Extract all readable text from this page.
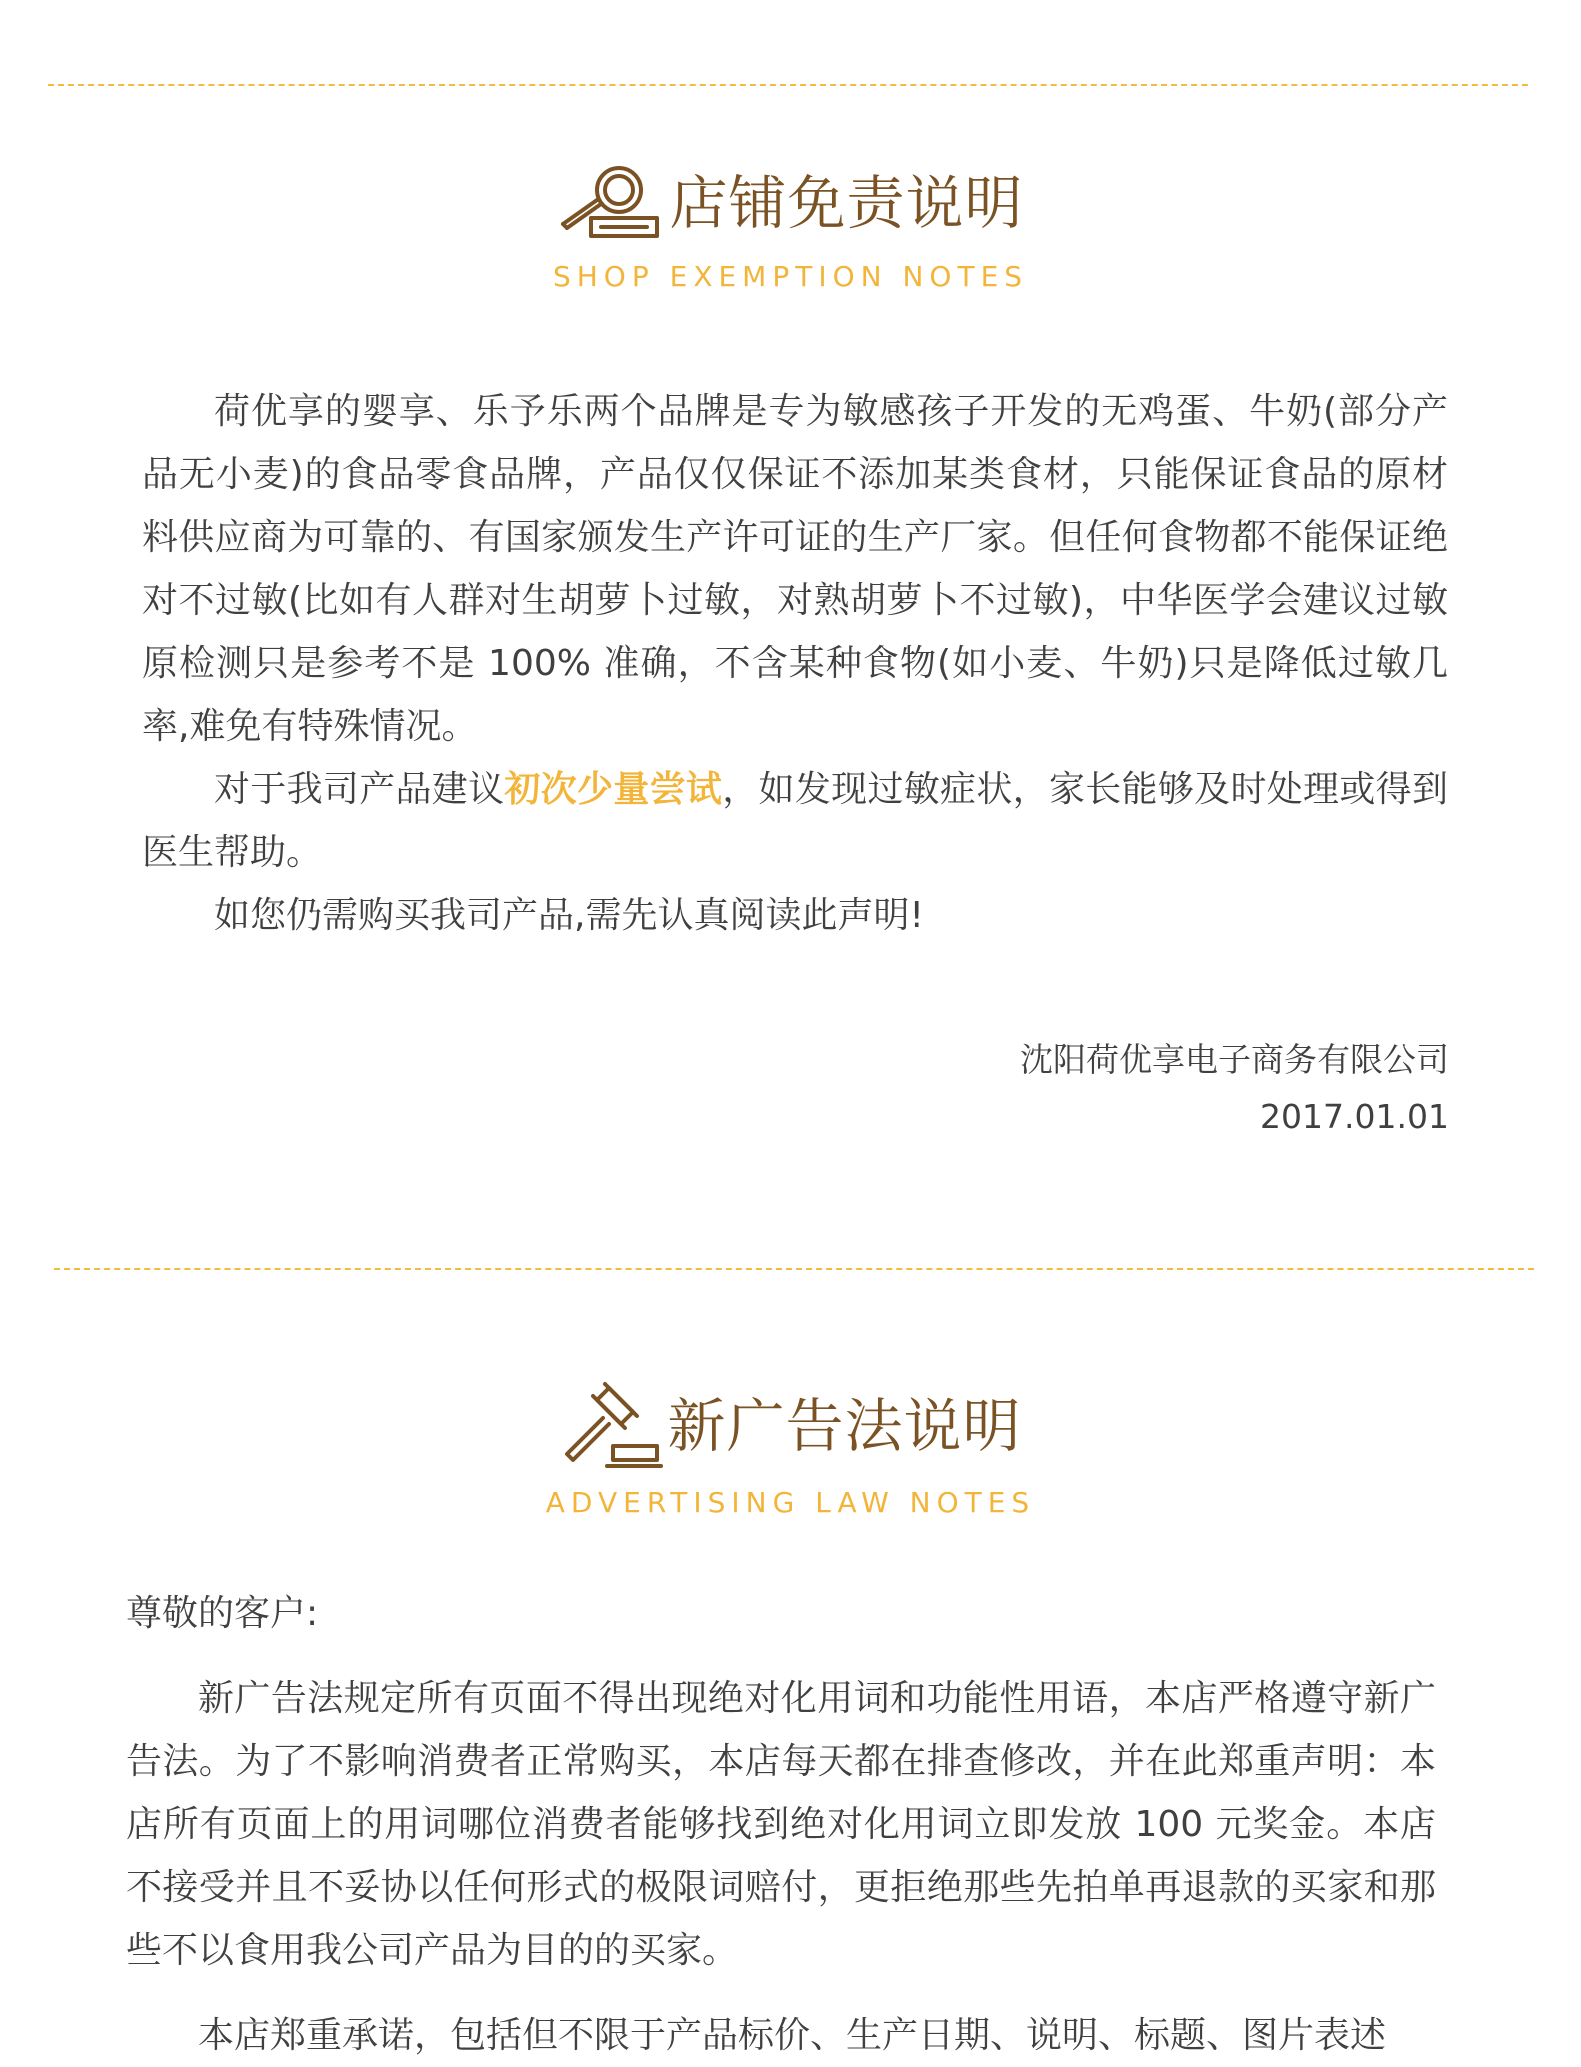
店铺免责说明
SHOP EXEMPTION NOTES

荷优享的婴享、乐予乐两个品牌是专为敏感孩子开发的无鸡蛋、牛奶(部分产品无小麦)的食品零食品牌，产品仅仅保证不添加某类食材，只能保证食品的原材料供应商为可靠的、有国家颁发生产许可证的生产厂家。但任何食物都不能保证绝对不过敏(比如有人群对生胡萝卜过敏，对熟胡萝卜不过敏)，中华医学会建议过敏原检测只是参考不是 100% 准确，不含某种食物(如小麦、牛奶)只是降低过敏几率,难免有特殊情况。

对于我司产品建议初次少量尝试，如发现过敏症状，家长能够及时处理或得到医生帮助。

如您仍需购买我司产品,需先认真阅读此声明!

沈阳荷优享电子商务有限公司
2017.01.01
新广告法说明
ADVERTISING LAW NOTES

尊敬的客户:

新广告法规定所有页面不得出现绝对化用词和功能性用语，本店严格遵守新广告法。为了不影响消费者正常购买，本店每天都在排查修改，并在此郑重声明：本店所有页面上的用词哪位消费者能够找到绝对化用词立即发放 100 元奖金。本店不接受并且不妥协以任何形式的极限词赔付，更拒绝那些先拍单再退款的买家和那些不以食用我公司产品为目的的买家。

本店郑重承诺，包括但不限于产品标价、生产日期、说明、标题、图片表述
